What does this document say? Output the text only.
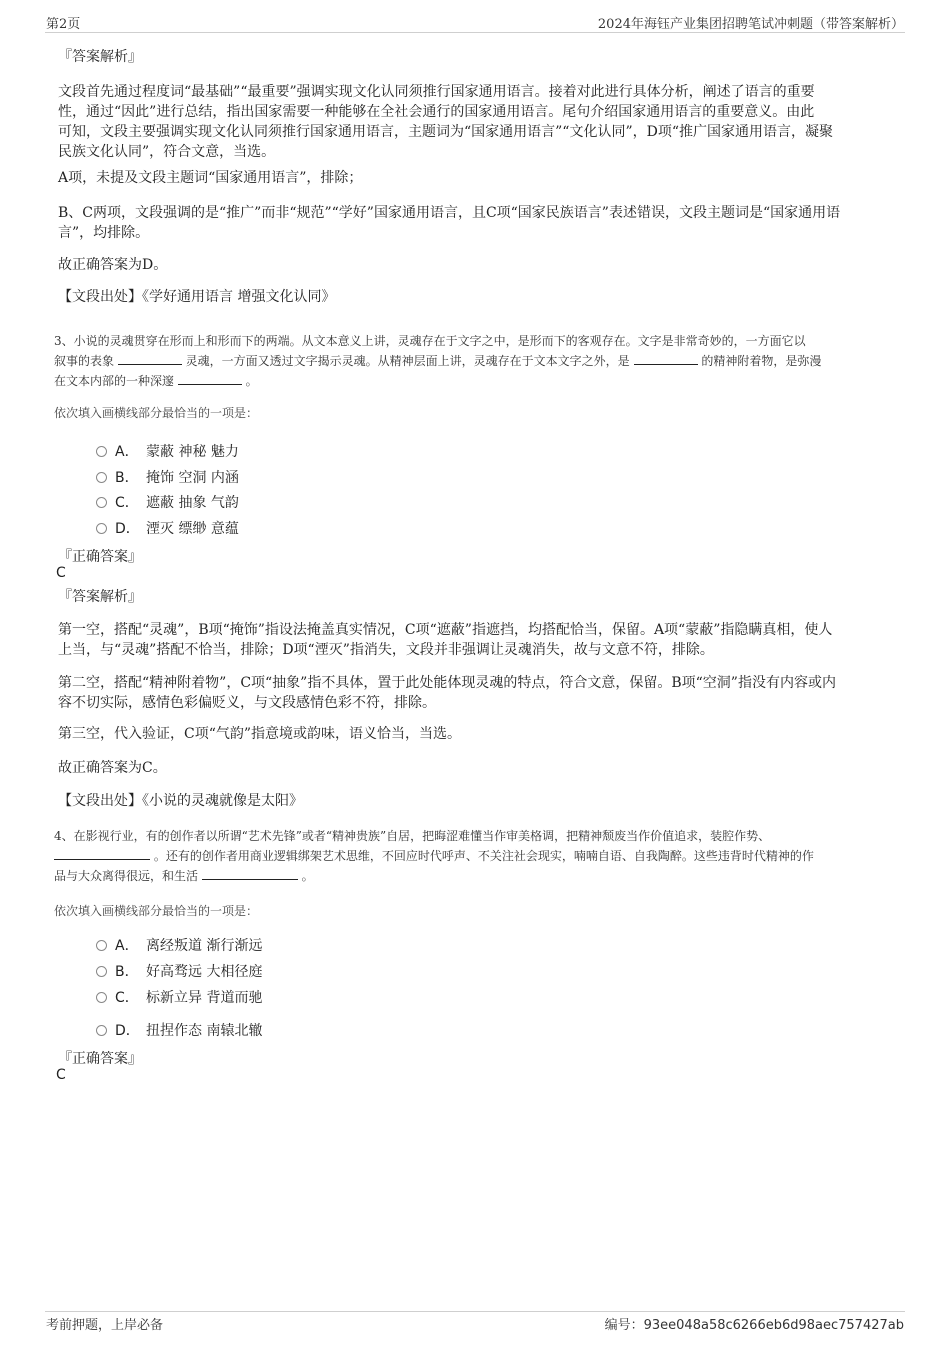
第2页	2024年海钰产业集团招聘笔试冲刺题（带答案解析）
『答案解析』
文段首先通过程度词“最基础”“最重要”强调实现文化认同须推行国家通用语言。接着对此进行具体分析，阐述了语言的重要
性，通过“因此”进行总结，指出国家需要一种能够在全社会通行的国家通用语言。尾句介绍国家通用语言的重要意义。由此
可知，文段主要强调实现文化认同须推行国家通用语言，主题词为“国家通用语言”“文化认同”，D项“推广国家通用语言，凝聚
民族文化认同”，符合文意，当选。
A项，未提及文段主题词“国家通用语言”，排除；
B、C两项，文段强调的是“推广”而非“规范”“学好”国家通用语言，且C项“国家民族语言”表述错误，文段主题词是“国家通用语
言”，均排除。
故正确答案为D。
【文段出处】《学好通用语言 增强文化认同》
3、小说的灵魂贯穿在形而上和形而下的两端。从文本意义上讲，灵魂存在于文字之中，是形而下的客观存在。文字是非常奇妙的，一方面它以
叙事的表象	灵魂，一方面又透过文字揭示灵魂。从精神层面上讲，灵魂存在于文本文字之外，是	的精神附着物，是弥漫
在文本内部的一种深邃	。
依次填入画横线部分最恰当的一项是：
A． 蒙蔽 神秘 魅力
B． 掩饰 空洞 内涵
C． 遮蔽 抽象 气韵
D． 湮灭 缥缈 意蕴
『正确答案』
C
『答案解析』
第一空，搭配“灵魂”，B项“掩饰”指设法掩盖真实情况，C项“遮蔽”指遮挡，均搭配恰当，保留。A项“蒙蔽”指隐瞒真相，使人
上当，与“灵魂”搭配不恰当，排除；D项“湮灭”指消失，文段并非强调让灵魂消失，故与文意不符，排除。
第二空，搭配“精神附着物”，C项“抽象”指不具体，置于此处能体现灵魂的特点，符合文意，保留。B项“空洞”指没有内容或内
容不切实际，感情色彩偏贬义，与文段感情色彩不符，排除。
第三空，代入验证，C项“气韵”指意境或韵味，语义恰当，当选。
故正确答案为C。
【文段出处】《小说的灵魂就像是太阳》
4、在影视行业，有的创作者以所谓“艺术先锋”或者“精神贵族”自居，把晦涩难懂当作审美格调，把精神颓废当作价值追求，装腔作势、
。还有的创作者用商业逻辑绑架艺术思维，不回应时代呼声、不关注社会现实，喃喃自语、自我陶醉。这些违背时代精神的作
品与大众离得很远，和生活	。
依次填入画横线部分最恰当的一项是：
A． 离经叛道 渐行渐远
B． 好高骛远 大相径庭
C． 标新立异 背道而驰
D． 扭捏作态 南辕北辙
『正确答案』
C
考前押题，上岸必备	编号：93ee048a58c6266eb6d98aec757427ab
